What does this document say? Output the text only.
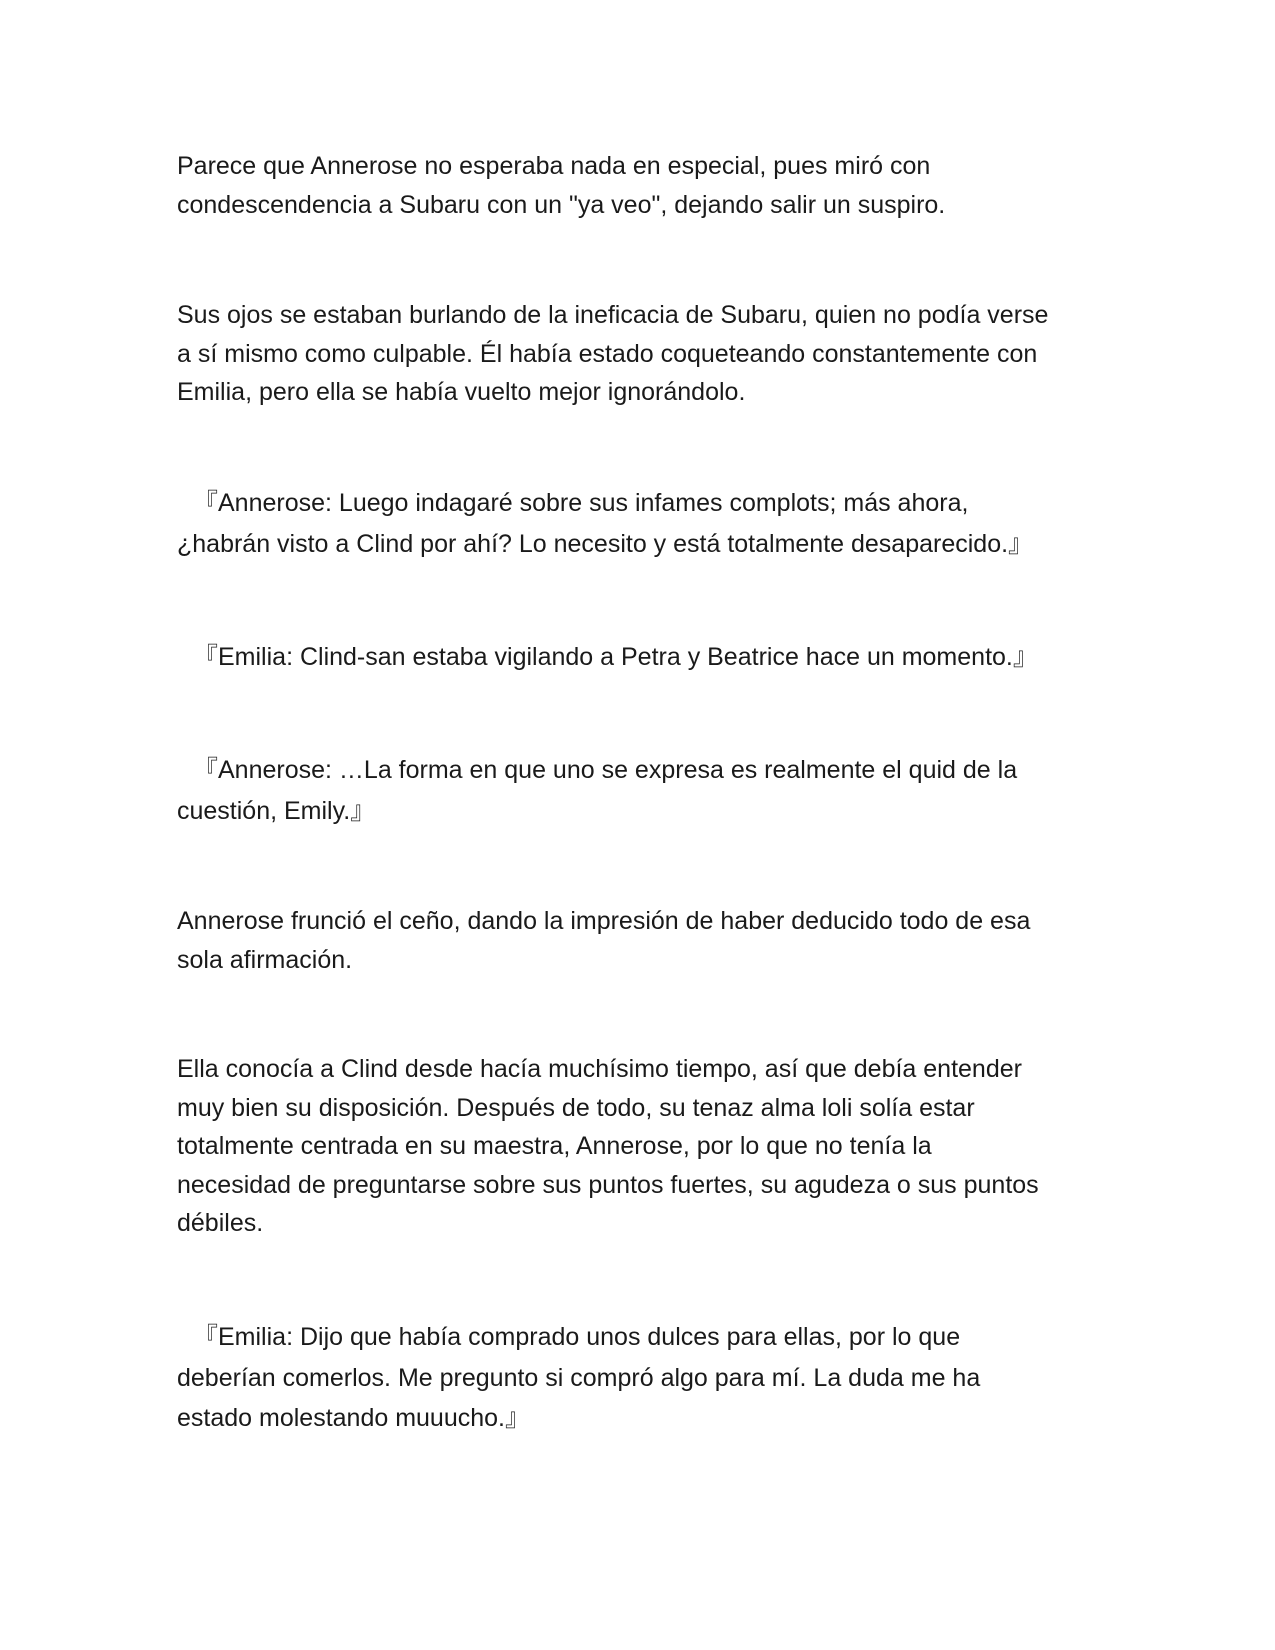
Parece que Annerose no esperaba nada en especial, pues miró con
condescendencia a Subaru con un "ya veo", dejando salir un suspiro.

Sus ojos se estaban burlando de la ineficacia de Subaru, quien no podía verse
a sí mismo como culpable. Él había estado coqueteando constantemente con
Emilia, pero ella se había vuelto mejor ignorándolo.

『Annerose: Luego indagaré sobre sus infames complots; más ahora,
¿habrán visto a Clind por ahí? Lo necesito y está totalmente desaparecido.』

『Emilia: Clind-san estaba vigilando a Petra y Beatrice hace un momento.』

『Annerose: …La forma en que uno se expresa es realmente el quid de la
cuestión, Emily.』

Annerose frunció el ceño, dando la impresión de haber deducido todo de esa
sola afirmación.

Ella conocía a Clind desde hacía muchísimo tiempo, así que debía entender
muy bien su disposición. Después de todo, su tenaz alma loli solía estar
totalmente centrada en su maestra, Annerose, por lo que no tenía la
necesidad de preguntarse sobre sus puntos fuertes, su agudeza o sus puntos
débiles.

『Emilia: Dijo que había comprado unos dulces para ellas, por lo que
deberían comerlos. Me pregunto si compró algo para mí. La duda me ha
estado molestando muuucho.』
